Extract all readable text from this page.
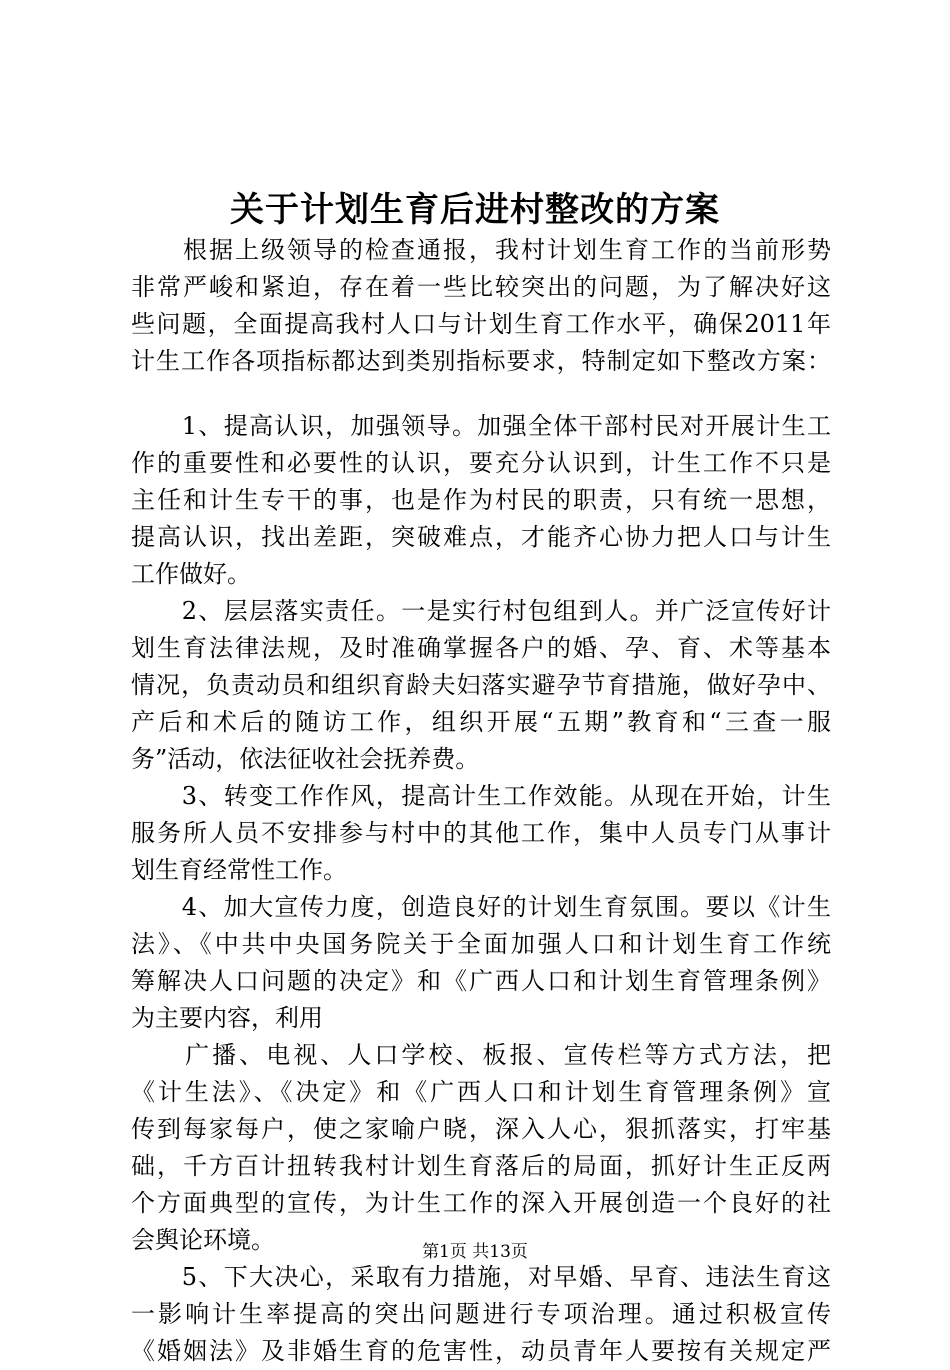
关于计划生育后进村整改的方案
　　根据上级领导的检查通报，我村计划生育工作的当前形势
非常严峻和紧迫，存在着一些比较突出的问题，为了解决好这
些问题，全面提高我村人口与计划生育工作水平，确保2011年
计生工作各项指标都达到类别指标要求，特制定如下整改方案：
　　1、提高认识，加强领导。加强全体干部村民对开展计生工
作的重要性和必要性的认识，要充分认识到，计生工作不只是
主任和计生专干的事，也是作为村民的职责，只有统一思想，
提高认识，找出差距，突破难点，才能齐心协力把人口与计生
工作做好。
　　2、层层落实责任。一是实行村包组到人。并广泛宣传好计
划生育法律法规，及时准确掌握各户的婚、孕、育、术等基本
情况，负责动员和组织育龄夫妇落实避孕节育措施，做好孕中、
产后和术后的随访工作，组织开展“五期”教育和“三查一服
务”活动，依法征收社会抚养费。
　　3、转变工作作风，提高计生工作效能。从现在开始，计生
服务所人员不安排参与村中的其他工作，集中人员专门从事计
划生育经常性工作。
　　4、加大宣传力度，创造良好的计划生育氛围。要以《计生
法》、《中共中央国务院关于全面加强人口和计划生育工作统
筹解决人口问题的决定》和《广西人口和计划生育管理条例》
为主要内容，利用
　　广播、电视、人口学校、板报、宣传栏等方式方法，把
《计生法》、《决定》和《广西人口和计划生育管理条例》宣
传到每家每户，使之家喻户晓，深入人心，狠抓落实，打牢基
础，千方百计扭转我村计划生育落后的局面，抓好计生正反两
个方面典型的宣传，为计生工作的深入开展创造一个良好的社
会舆论环境。
　　5、下大决心，采取有力措施，对早婚、早育、违法生育这
一影响计生率提高的突出问题进行专项治理。通过积极宣传
《婚姻法》及非婚生育的危害性，动员青年人要按有关规定严
第1页 共13页
